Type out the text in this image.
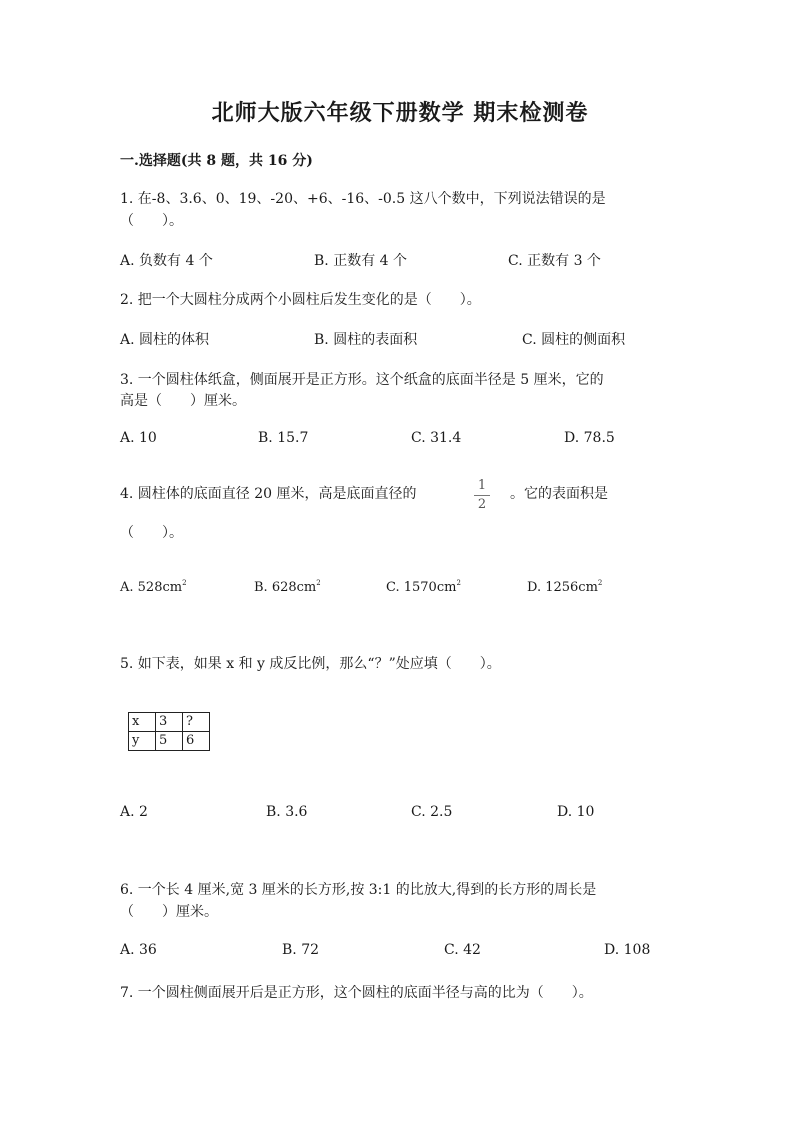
北师大版六年级下册数学 期末检测卷
一.选择题(共 8 题，共 16 分)
1. 在-8、3.6、0、19、-20、+6、-16、-0.5 这八个数中，下列说法错误的是
（　　）。
A. 负数有 4 个	B. 正数有 4 个	C. 正数有 3 个
2. 把一个大圆柱分成两个小圆柱后发生变化的是（　　）。
A. 圆柱的体积	B. 圆柱的表面积	C. 圆柱的侧面积
3. 一个圆柱体纸盒，侧面展开是正方形。这个纸盒的底面半径是 5 厘米，它的
高是（　　）厘米。
A. 10	B. 15.7	C. 31.4	D. 78.5
4. 圆柱体的底面直径 20 厘米，高是底面直径的
1
2
。它的表面积是
（　　）。
A. $528cm^2$	B. $628cm^2$	C. $1570cm^2$	D. $1256cm^2$
5. 如下表，如果 x 和 y 成反比例，那么“？”处应填（　　）。
x	3	?
y	5	6
A. 2	B. 3.6	C. 2.5	D. 10
6. 一个长 4 厘米,宽 3 厘米的长方形,按 3:1 的比放大,得到的长方形的周长是
（　　）厘米。
A. 36	B. 72	C. 42	D. 108
7. 一个圆柱侧面展开后是正方形，这个圆柱的底面半径与高的比为（　　）。
